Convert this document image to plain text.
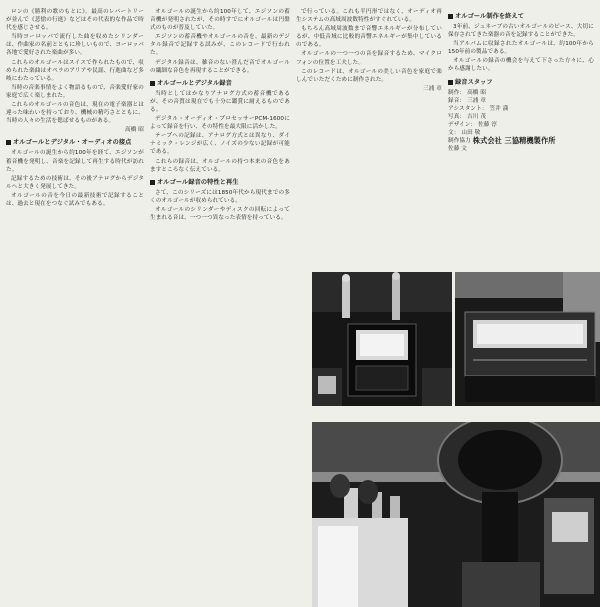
ロンの《勝利の歌のもとに》。最高のレパートリーが並んで《悲愴の行進》などはその代表的な作品で時代を感じさせる。

当時ヨーロッパで流行した曲を収めたシリンダーは、作曲家の名前とともに珍しいもので、ヨーロッパ各地で愛好された楽曲が多い。

これらのオルゴールはスイスで作られたもので、収められた楽曲はオペラのアリアや民謡、行進曲など多岐にわたっている。

当時の音楽事情をよく物語るもので、音楽愛好家の家庭で広く楽しまれた。

これらのオルゴールの音色は、現在の電子楽器とは違った味わいを持っており、機械の精巧さとともに、当時の人々の生活を偲ばせるものがある。

高橋 昭
オルゴールとデジタル・オーディオの接点

オルゴールの誕生から約100年を経て、エジソンが蓄音機を発明し、音楽を記録して再生する時代が訪れた。

記録するための技術は、その後アナログからデジタルへと大きく発展してきた。

オルゴールの音を今日の最新技術で記録することは、過去と現在をつなぐ試みでもある。

オルゴールの誕生から約100年して、エジソンの蓄音機が発明されたが、その時すでにオルゴールは円盤式のものが普及していた。

エジソンの蓄音機やオルゴールの音を、最新のデジタル録音で記録する試みが、このレコードで行われた。

デジタル録音は、雑音のない澄んだ音でオルゴールの繊細な音色を再現することができる。

オルゴールとデジタル録音

当時としてはかなりアナログ方式の蓄音機であるが、その音質は現在でも十分に鑑賞に耐えるものである。

デジタル・オーディオ・プロセッサーPCM-1600によって録音を行い、その特性を最大限に活かした。

テープへの記録は、アナログ方式とは異なり、ダイナミック・レンジが広く、ノイズの少ない記録が可能である。

これらの録音は、オルゴールの持つ本来の音色をあますところなく伝えている。

オルゴール録音の特性と再生

さて、このシリーズには1850年代から現代までの多くのオルゴールが収められている。

オルゴールのシリンダーやディスクの回転によって生まれる音は、一つ一つ異なった表情を持っている。

で行っている。これも半円形ではなく、オーディオ再生システムの高域周波数特性がすぐれている。

もちろん高域周波数まで音響エネルギーが分布しているが、中低音域に比較的音響エネルギーが集中しているのである。

オルゴールの一つ一つの音を録音するため、マイクロフォンの位置を工夫した。

このレコードは、オルゴールの美しい音色を家庭で楽しんでいただくために制作された。

三浦 章
オルゴール制作を終えて

3年前、ジュネーブの古いオルゴールのピース、大切に保存されてきた楽器の音を記録することができた。

当アルバムに収録されたオルゴールは、約100年から150年前の製品である。

オルゴールの録音の機会を与えて下さった方々に、心から感謝したい。

録音スタッフ
制作： 高橋 昭
録音： 三浦 章
アシスタント： 笠井 満
写真： 吉川 茂
デザイン： 佐藤 淳
文： 山田 敬
制作協力 株式会社 三協精機製作所
佐藤 文
